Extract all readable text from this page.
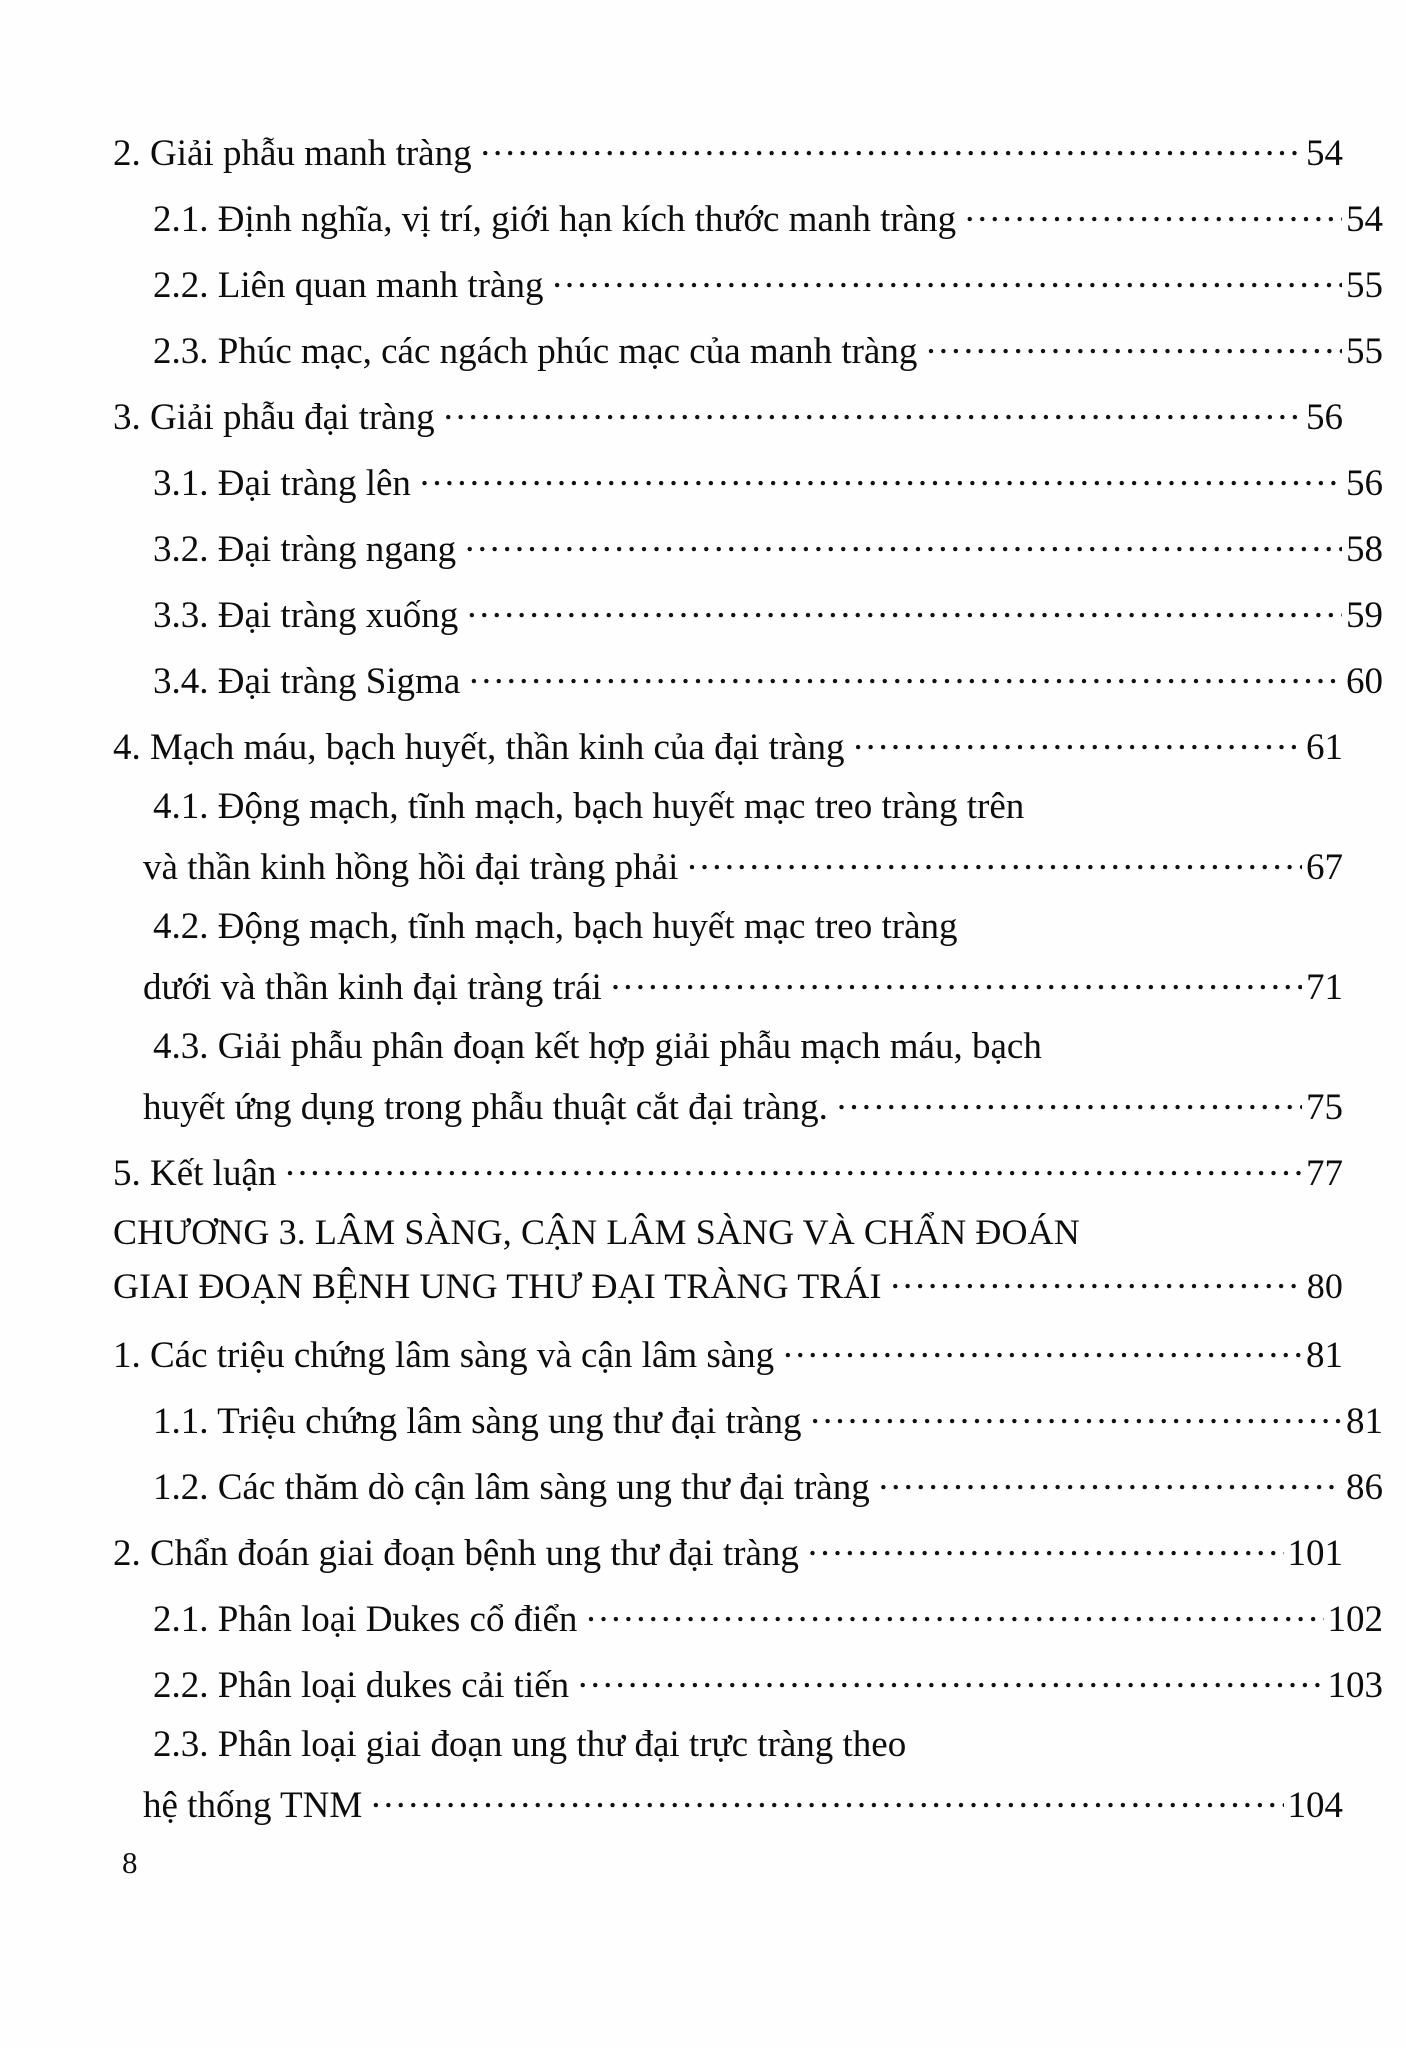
2. Giải phẫu manh tràng .....	54
2.1. Định nghĩa, vị trí, giới hạn kích thước manh tràng .....	54
2.2. Liên quan manh tràng .....	55
2.3. Phúc mạc, các ngách phúc mạc của manh tràng .....	55
3. Giải phẫu đại tràng .....	56
3.1. Đại tràng lên .....	56
3.2. Đại tràng ngang .....	58
3.3. Đại tràng xuống .....	59
3.4. Đại tràng Sigma .....	60
4. Mạch máu, bạch huyết, thần kinh của đại tràng .....	61
4.1. Động mạch, tĩnh mạch, bạch huyết mạc treo tràng trên
và thần kinh hồng hồi đại tràng phải .....	67
4.2. Động mạch, tĩnh mạch, bạch huyết mạc treo tràng
dưới và thần kinh đại tràng trái .....	71
4.3. Giải phẫu phân đoạn kết hợp giải phẫu mạch máu, bạch
huyết ứng dụng trong phẫu thuật cắt đại tràng. .....	75
5. Kết luận .....	77
CHƯƠNG 3. LÂM SÀNG, CẬN LÂM SÀNG VÀ CHẨN ĐOÁN
GIAI ĐOẠN BỆNH UNG THƯ ĐẠI TRÀNG TRÁI .....	80
1. Các triệu chứng lâm sàng và cận lâm sàng .....	81
1.1. Triệu chứng lâm sàng ung thư đại tràng .....	81
1.2. Các thăm dò cận lâm sàng ung thư đại tràng .....	86
2. Chẩn đoán giai đoạn bệnh ung thư đại tràng .....	101
2.1. Phân loại Dukes cổ điển .....	102
2.2. Phân loại dukes cải tiến .....	103
2.3. Phân loại giai đoạn ung thư đại trực tràng theo
hệ thống TNM .....	104
8
